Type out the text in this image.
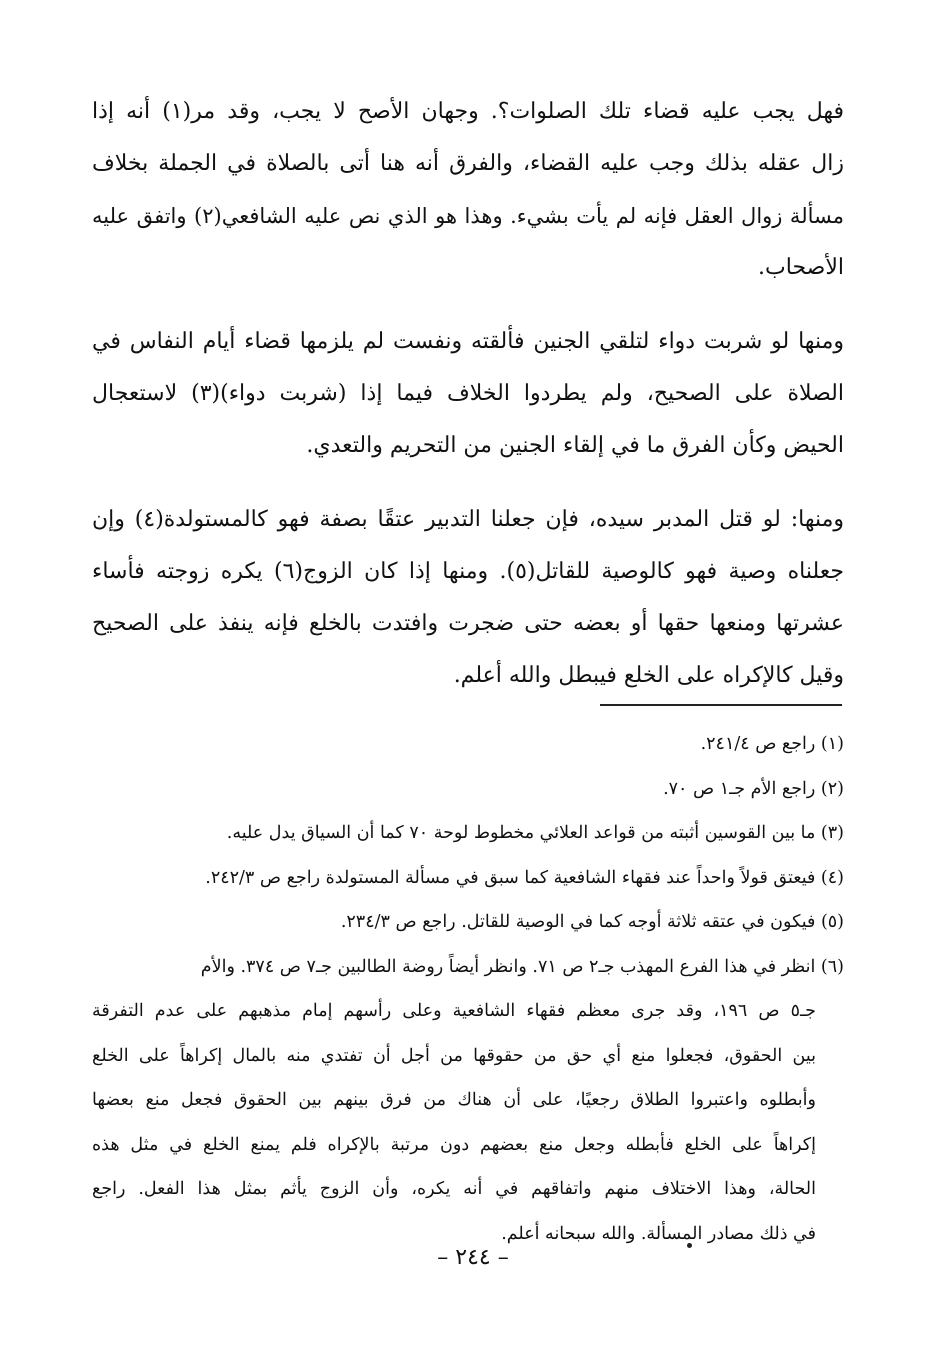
فهل يجب عليه قضاء تلك الصلوات؟. وجهان الأصح لا يجب، وقد مر(١) أنه إذا
زال عقله بذلك وجب عليه القضاء، والفرق أنه هنا أتى بالصلاة في الجملة بخلاف
مسألة زوال العقل فإنه لم يأت بشيء. وهذا هو الذي نص عليه الشافعي(٢) واتفق عليه
الأصحاب.
ومنها لو شربت دواء لتلقي الجنين فألقته ونفست لم يلزمها قضاء أيام النفاس في
الصلاة على الصحيح، ولم يطردوا الخلاف فيما إذا (شربت دواء)(٣) لاستعجال
الحيض وكأن الفرق ما في إلقاء الجنين من التحريم والتعدي.
ومنها: لو قتل المدبر سيده، فإن جعلنا التدبير عتقًا بصفة فهو كالمستولدة(٤) وإن
جعلناه وصية فهو كالوصية للقاتل(٥). ومنها إذا كان الزوج(٦) يكره زوجته فأساء
عشرتها ومنعها حقها أو بعضه حتى ضجرت وافتدت بالخلع فإنه ينفذ على الصحيح
وقيل كالإكراه على الخلع فيبطل والله أعلم.
(١) راجع ص ٢٤١/٤.
(٢) راجع الأم جـ١ ص ٧٠.
(٣) ما بين القوسين أثبته من قواعد العلائي مخطوط لوحة ٧٠ كما أن السياق يدل عليه.
(٤) فيعتق قولاً واحداً عند فقهاء الشافعية كما سبق في مسألة المستولدة راجع ص ٢٤٢/٣.
(٥) فيكون في عتقه ثلاثة أوجه كما في الوصية للقاتل. راجع ص ٢٣٤/٣.
(٦) انظر في هذا الفرع المهذب جـ٢ ص ٧١. وانظر أيضاً روضة الطالبين جـ٧ ص ٣٧٤. والأم
جـ٥ ص ١٩٦، وقد جرى معظم فقهاء الشافعية وعلى رأسهم إمام مذهبهم على عدم التفرقة
بين الحقوق، فجعلوا منع أي حق من حقوقها من أجل أن تفتدي منه بالمال إكراهاً على الخلع
وأبطلوه واعتبروا الطلاق رجعيًا، على أن هناك من فرق بينهم بين الحقوق فجعل منع بعضها
إكراهاً على الخلع فأبطله وجعل منع بعضهم دون مرتبة بالإكراه فلم يمنع الخلع في مثل هذه
الحالة، وهذا الاختلاف منهم واتفاقهم في أنه يكره، وأن الزوج يأثم بمثل هذا الفعل. راجع
في ذلك مصادر المسألة. والله سبحانه أعلم.
– ٢٤٤ –
